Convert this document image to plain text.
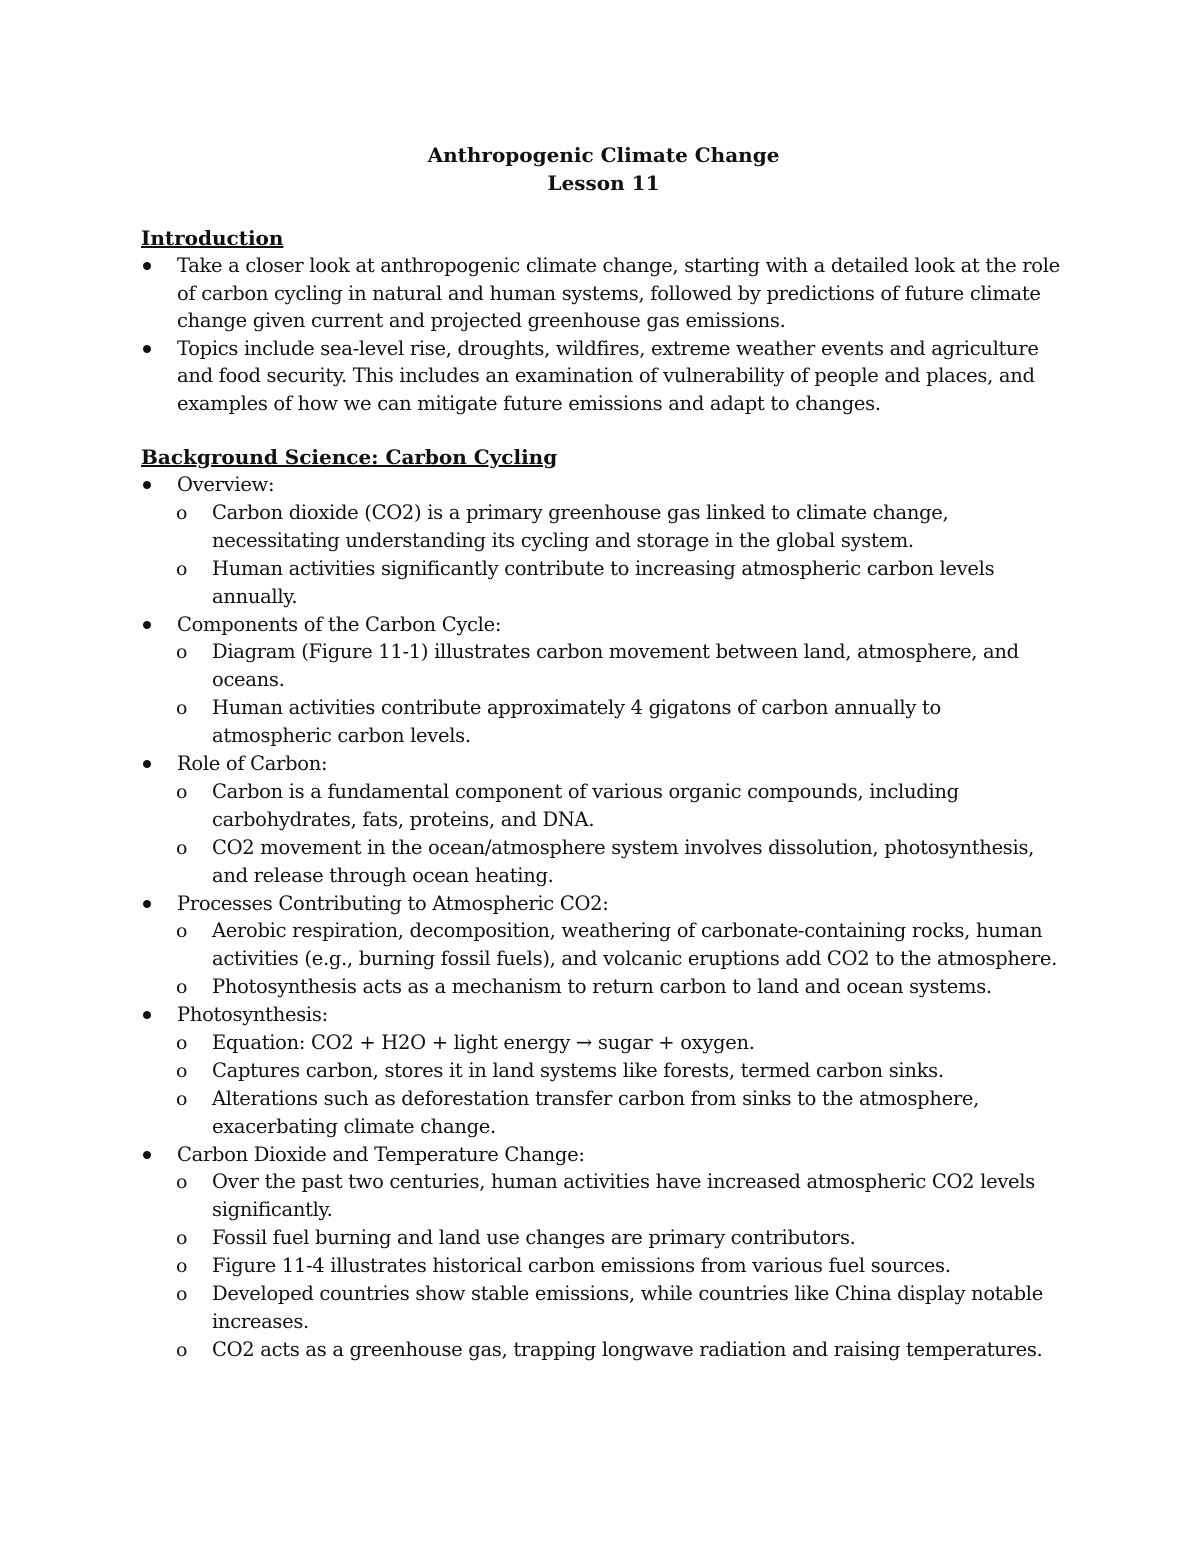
Anthropogenic Climate Change

Lesson 11

Introduction

Take a closer look at anthropogenic climate change, starting with a detailed look at the role of carbon cycling in natural and human systems, followed by predictions of future climate change given current and projected greenhouse gas emissions.
Topics include sea-level rise, droughts, wildfires, extreme weather events and agriculture and food security. This includes an examination of vulnerability of people and places, and examples of how we can mitigate future emissions and adapt to changes.

Background Science: Carbon Cycling

Overview:
o Carbon dioxide (CO2) is a primary greenhouse gas linked to climate change, necessitating understanding its cycling and storage in the global system.
o Human activities significantly contribute to increasing atmospheric carbon levels annually.
Components of the Carbon Cycle:
o Diagram (Figure 11-1) illustrates carbon movement between land, atmosphere, and oceans.
o Human activities contribute approximately 4 gigatons of carbon annually to atmospheric carbon levels.
Role of Carbon:
o Carbon is a fundamental component of various organic compounds, including carbohydrates, fats, proteins, and DNA.
o CO2 movement in the ocean/atmosphere system involves dissolution, photosynthesis, and release through ocean heating.
Processes Contributing to Atmospheric CO2:
o Aerobic respiration, decomposition, weathering of carbonate-containing rocks, human activities (e.g., burning fossil fuels), and volcanic eruptions add CO2 to the atmosphere.
o Photosynthesis acts as a mechanism to return carbon to land and ocean systems.
Photosynthesis:
o Equation: CO2 + H2O + light energy → sugar + oxygen.
o Captures carbon, stores it in land systems like forests, termed carbon sinks.
o Alterations such as deforestation transfer carbon from sinks to the atmosphere, exacerbating climate change.
Carbon Dioxide and Temperature Change:
o Over the past two centuries, human activities have increased atmospheric CO2 levels significantly.
o Fossil fuel burning and land use changes are primary contributors.
o Figure 11-4 illustrates historical carbon emissions from various fuel sources.
o Developed countries show stable emissions, while countries like China display notable increases.
o CO2 acts as a greenhouse gas, trapping longwave radiation and raising temperatures.
